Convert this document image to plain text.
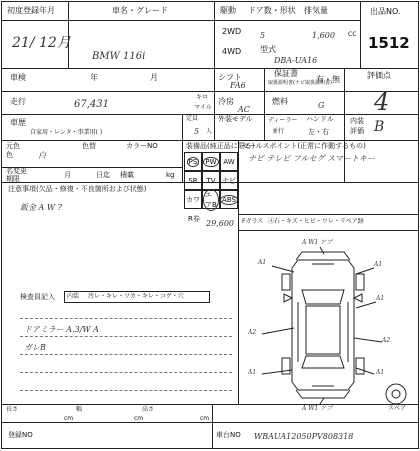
初度登録年月
21/ 12月
車名・グレード
BMW 116i
駆動 ドア数・形状 排気量
2WD
4WD
5	1,600 CC
型式
DBA-UA16
出品NO.
1512
車検	年	月	シフト
FA6
保証書
取扱説明書(ナビ取扱説明書)
有・無	評価点
4
走行	67,431
キロ
マイル
冷房
AC
燃料	G
車歴
自家用・レンタ・事業用( )
定員
5 人
外装モデル	ディーラー
並行
ハンドル
左・右
内装
評価 B
元色	色替	カラーNO
色	白
名変更
期限	月	日迄 積載	kg
装備品(純正品に限る)
PS PW AW
SR TV ナビ
カワ
エアB
ABS
R券 29,600
セールスポイント(正常に作動するもの)
ナビ テレビ フルセグ スマートキー
Fガラス Ⓐ石・キズ・ヒビ・ワレ・リペア跡
注意事項(欠品・修復・不良箇所および状態)
鈑金 A W ?
検査員記入 内装 汚レ・キレ・ツカ・キレ・コゲ・穴
ドアミラー A.3/W A
ガレB
A W1 アプ
A1	A1
A2
A1
A1
A2
A1
A W1 アプ	スペア
長さ
cm
幅
cm
高さ
cm
登録NO	車台NO WBAUA12050PV808318
